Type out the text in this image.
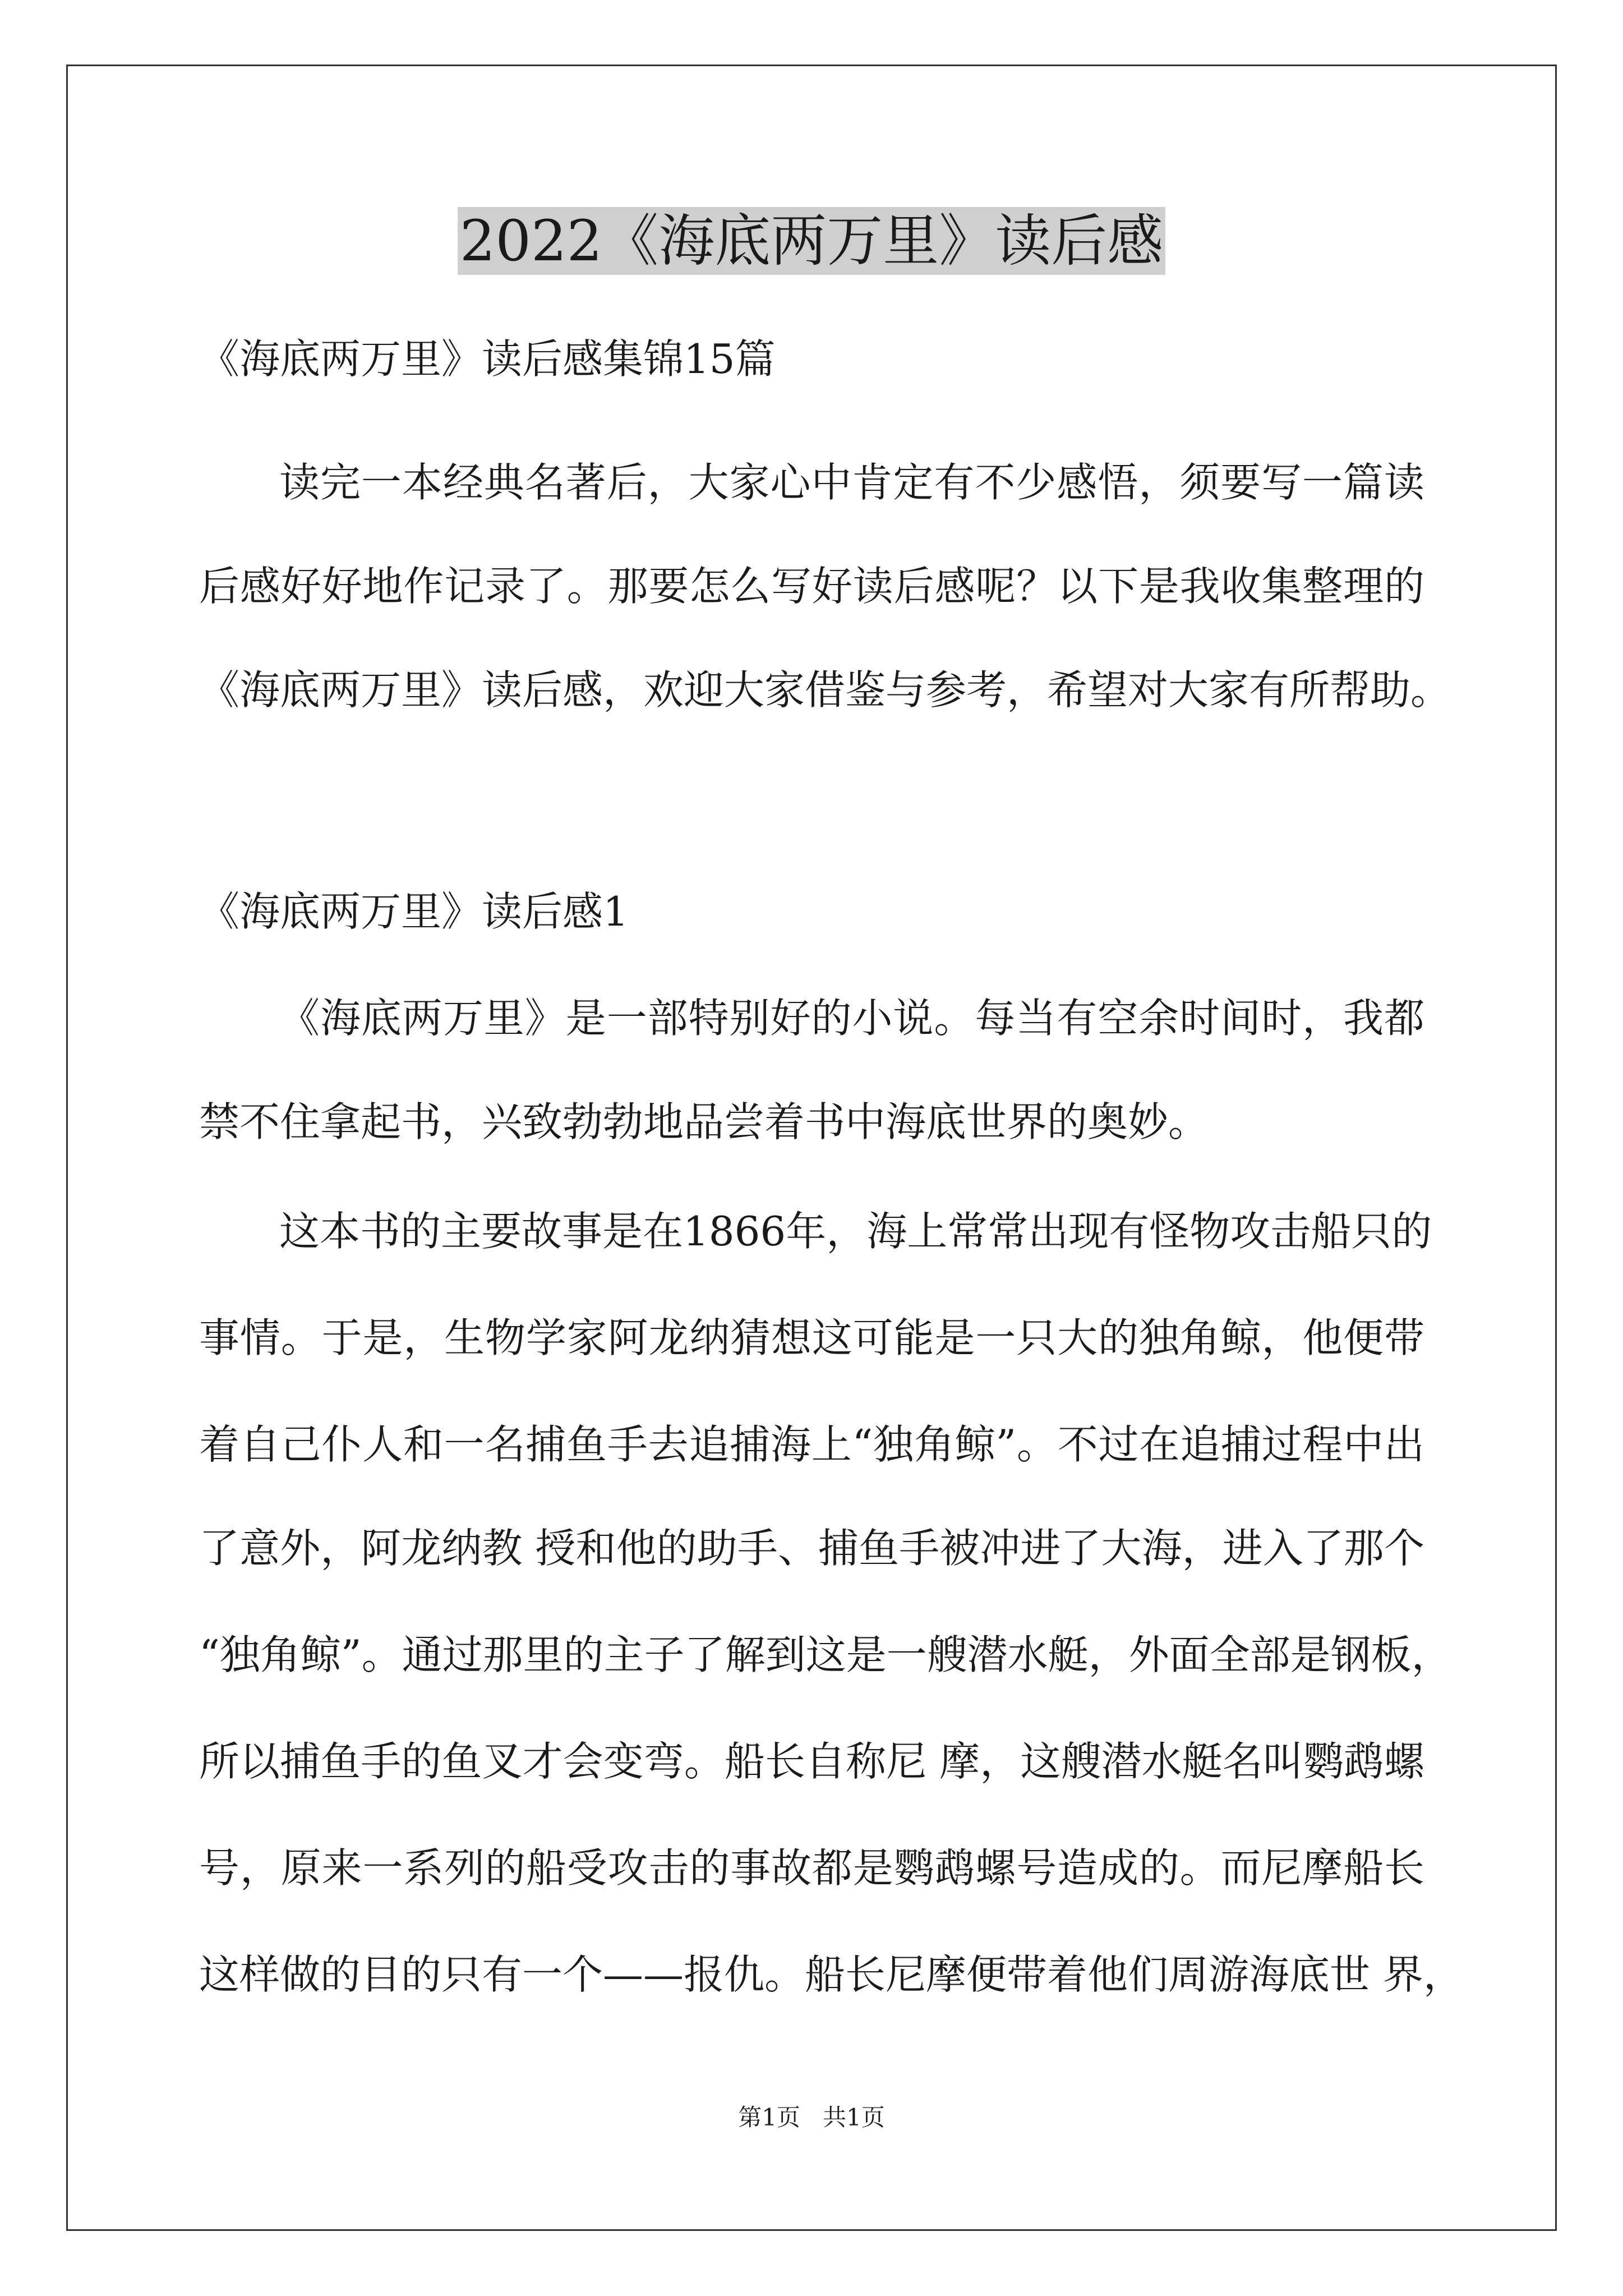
2022《海底两万里》读后感

《海底两万里》读后感集锦15篇

读完一本经典名著后，大家心中肯定有不少感悟，须要写一篇读

后感好好地作记录了。那要怎么写好读后感呢？以下是我收集整理的

《海底两万里》读后感，欢迎大家借鉴与参考，希望对大家有所帮助。

《海底两万里》读后感1

《海底两万里》是一部特别好的小说。每当有空余时间时，我都

禁不住拿起书，兴致勃勃地品尝着书中海底世界的奥妙。

这本书的主要故事是在1866年，海上常常出现有怪物攻击船只的

事情。于是，生物学家阿龙纳猜想这可能是一只大的独角鲸，他便带

着自己仆人和一名捕鱼手去追捕海上“独角鲸”。不过在追捕过程中出

了意外，阿龙纳教 授和他的助手、捕鱼手被冲进了大海，进入了那个

“独角鲸”。通过那里的主子了解到这是一艘潜水艇，外面全部是钢板，

所以捕鱼手的鱼叉才会变弯。船长自称尼 摩，这艘潜水艇名叫鹦鹉螺

号，原来一系列的船受攻击的事故都是鹦鹉螺号造成的。而尼摩船长

这样做的目的只有一个——报仇。船长尼摩便带着他们周游海底世 界，

第1页 共1页
